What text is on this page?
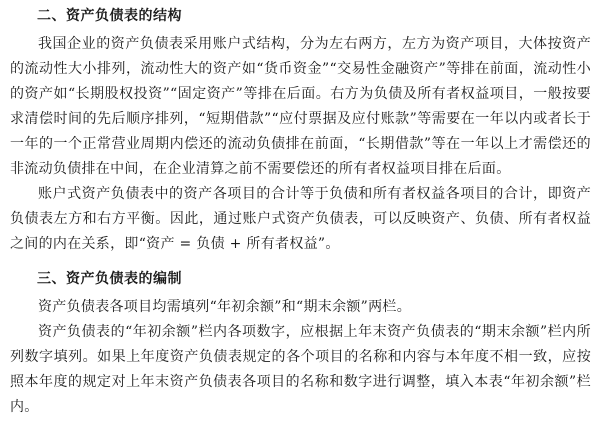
二、资产负债表的结构

我国企业的资产负债表采用账户式结构，分为左右两方，左方为资产项目，大体按资产的流动性大小排列，流动性大的资产如“货币资金”“交易性金融资产”等排在前面，流动性小的资产如“长期股权投资”“固定资产”等排在后面。右方为负债及所有者权益项目，一般按要求清偿时间的先后顺序排列，“短期借款”“应付票据及应付账款”等需要在一年以内或者长于一年的一个正常营业周期内偿还的流动负债排在前面，“长期借款”等在一年以上才需偿还的非流动负债排在中间，在企业清算之前不需要偿还的所有者权益项目排在后面。

账户式资产负债表中的资产各项目的合计等于负债和所有者权益各项目的合计，即资产负债表左方和右方平衡。因此，通过账户式资产负债表，可以反映资产、负债、所有者权益之间的内在关系，即“资产 = 负债 + 所有者权益”。

三、资产负债表的编制

资产负债表各项目均需填列“年初余额”和“期末余额”两栏。

资产负债表的“年初余额”栏内各项数字，应根据上年末资产负债表的“期末余额”栏内所列数字填列。如果上年度资产负债表规定的各个项目的名称和内容与本年度不相一致，应按照本年度的规定对上年末资产负债表各项目的名称和数字进行调整，填入本表“年初余额”栏内。
